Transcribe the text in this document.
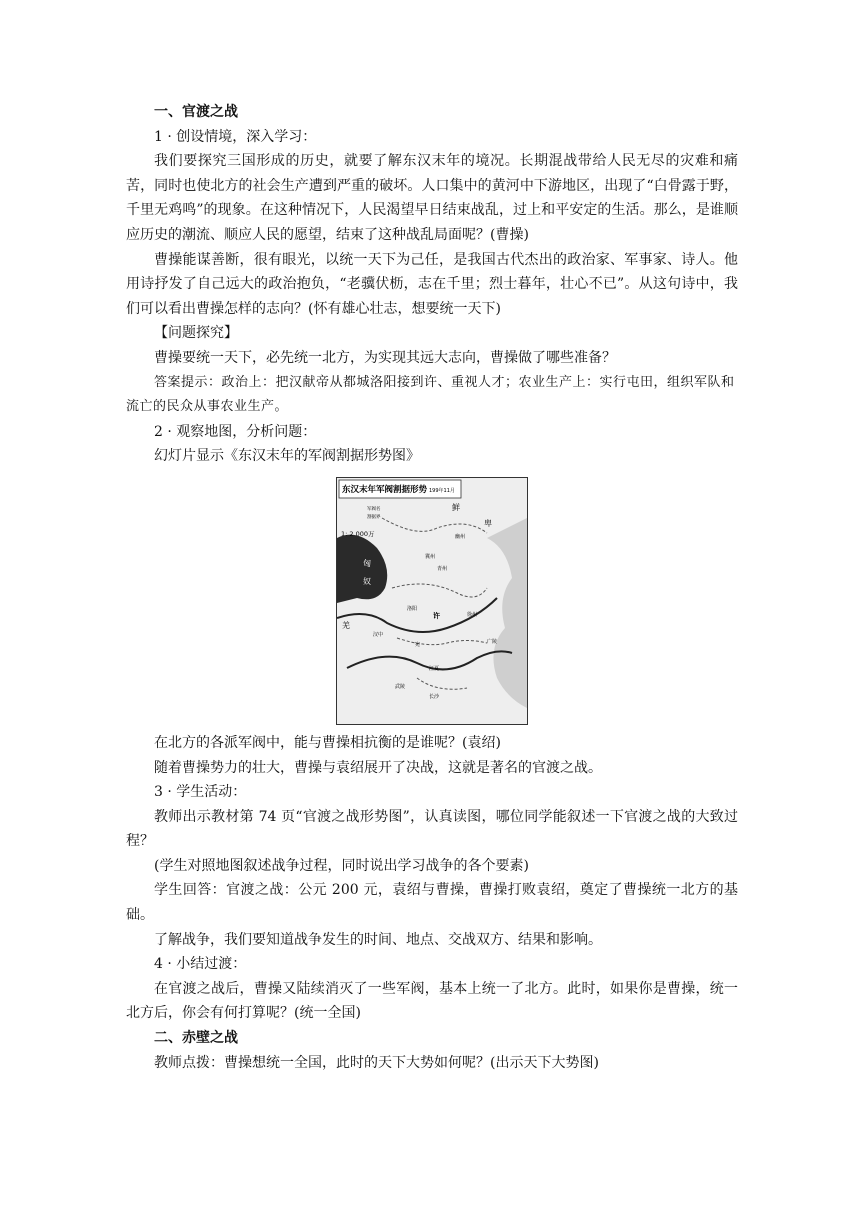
一、官渡之战

1 · 创设情境，深入学习：

我们要探究三国形成的历史，就要了解东汉末年的境况。长期混战带给人民无尽的灾难和痛苦，同时也使北方的社会生产遭到严重的破坏。人口集中的黄河中下游地区，出现了“白骨露于野，千里无鸡鸣”的现象。在这种情况下，人民渴望早日结束战乱，过上和平安定的生活。那么，是谁顺应历史的潮流、顺应人民的愿望，结束了这种战乱局面呢？(曹操)

曹操能谋善断，很有眼光，以统一天下为己任，是我国古代杰出的政治家、军事家、诗人。他用诗抒发了自己远大的政治抱负，“老骥伏枥，志在千里；烈士暮年，壮心不已”。从这句诗中，我们可以看出曹操怎样的志向？(怀有雄心壮志，想要统一天下)

【问题探究】

曹操要统一天下，必先统一北方，为实现其远大志向，曹操做了哪些准备？

答案提示：政治上：把汉献帝从都城洛阳接到许、重视人才；农业生产上：实行屯田，组织军队和流亡的民众从事农业生产。

2 · 观察地图，分析问题：

幻灯片显示《东汉末年的军阀割据形势图》

东汉末年军阀割据形势 199年11月
军阀名
割据界
1: 2 000万
鲜
卑
匈
奴
羌
许
青州
冀州
幽州
徐州
广陵
江夏
长沙
武陵
汉中
洛阳
宛

在北方的各派军阀中，能与曹操相抗衡的是谁呢？(袁绍)

随着曹操势力的壮大，曹操与袁绍展开了决战，这就是著名的官渡之战。

3 · 学生活动：

教师出示教材第 74 页“官渡之战形势图”，认真读图，哪位同学能叙述一下官渡之战的大致过程？

(学生对照地图叙述战争过程，同时说出学习战争的各个要素)

学生回答：官渡之战：公元 200 元，袁绍与曹操，曹操打败袁绍，奠定了曹操统一北方的基础。

了解战争，我们要知道战争发生的时间、地点、交战双方、结果和影响。

4 · 小结过渡：

在官渡之战后，曹操又陆续消灭了一些军阀，基本上统一了北方。此时，如果你是曹操，统一北方后，你会有何打算呢？(统一全国)

二、赤壁之战

教师点拨：曹操想统一全国，此时的天下大势如何呢？(出示天下大势图)
